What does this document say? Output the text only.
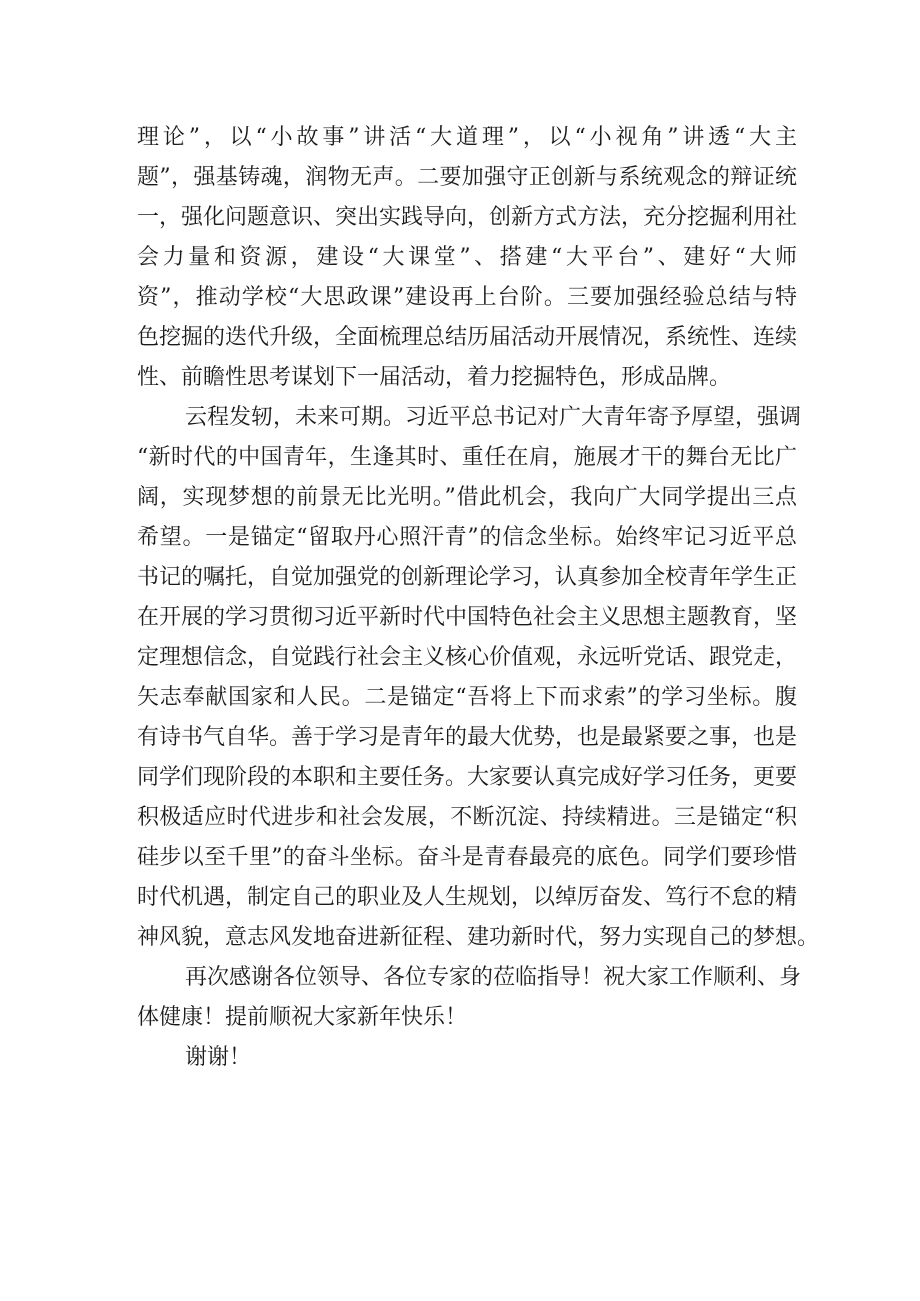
理论”，以“小故事”讲活“大道理”，以“小视角”讲透“大主
题”，强基铸魂，润物无声。二要加强守正创新与系统观念的辩证统
一，强化问题意识、突出实践导向，创新方式方法，充分挖掘利用社
会力量和资源，建设“大课堂”、搭建“大平台”、建好“大师
资”，推动学校“大思政课”建设再上台阶。三要加强经验总结与特
色挖掘的迭代升级，全面梳理总结历届活动开展情况，系统性、连续
性、前瞻性思考谋划下一届活动，着力挖掘特色，形成品牌。
云程发轫，未来可期。习近平总书记对广大青年寄予厚望，强调
“新时代的中国青年，生逢其时、重任在肩，施展才干的舞台无比广
阔，实现梦想的前景无比光明。”借此机会，我向广大同学提出三点
希望。一是锚定“留取丹心照汗青”的信念坐标。始终牢记习近平总
书记的嘱托，自觉加强党的创新理论学习，认真参加全校青年学生正
在开展的学习贯彻习近平新时代中国特色社会主义思想主题教育，坚
定理想信念，自觉践行社会主义核心价值观，永远听党话、跟党走，
矢志奉献国家和人民。二是锚定“吾将上下而求索”的学习坐标。腹
有诗书气自华。善于学习是青年的最大优势，也是最紧要之事，也是
同学们现阶段的本职和主要任务。大家要认真完成好学习任务，更要
积极适应时代进步和社会发展，不断沉淀、持续精进。三是锚定“积
硅步以至千里”的奋斗坐标。奋斗是青春最亮的底色。同学们要珍惜
时代机遇，制定自己的职业及人生规划，以绰厉奋发、笃行不怠的精
神风貌，意志风发地奋进新征程、建功新时代，努力实现自己的梦想。
再次感谢各位领导、各位专家的莅临指导！祝大家工作顺利、身
体健康！提前顺祝大家新年快乐！
谢谢！
